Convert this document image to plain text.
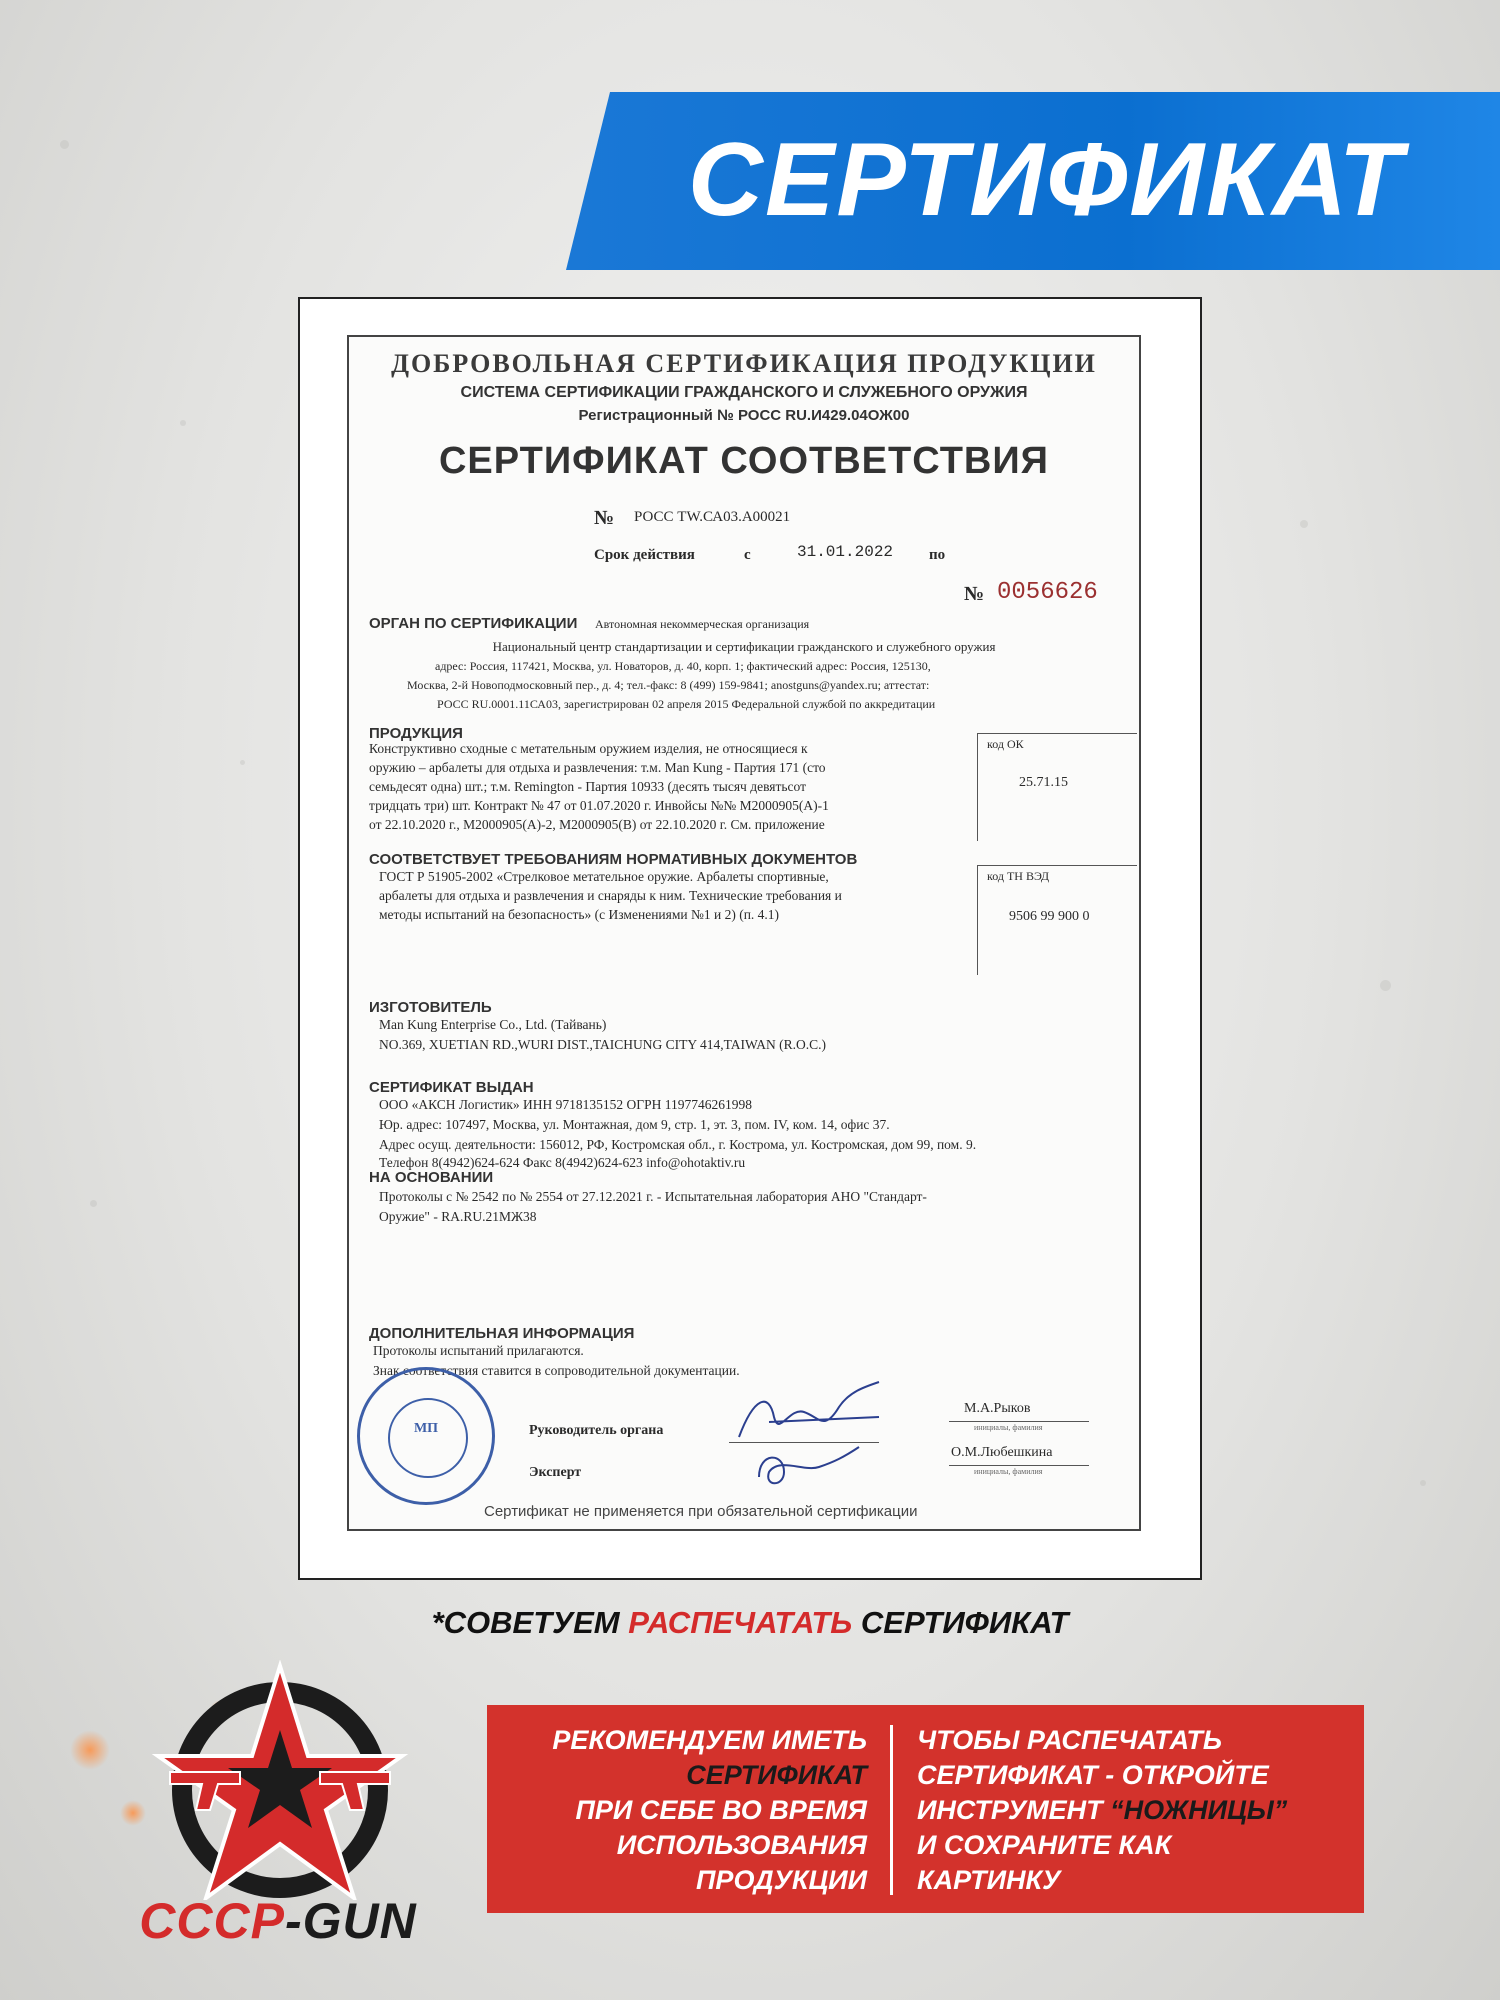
СЕРТИФИКАТ
ДОБРОВОЛЬНАЯ СЕРТИФИКАЦИЯ ПРОДУКЦИИ
СИСТЕМА СЕРТИФИКАЦИИ ГРАЖДАНСКОГО И СЛУЖЕБНОГО ОРУЖИЯ
Регистрационный № РОСС RU.И429.04ОЖ00
СЕРТИФИКАТ СООТВЕТСТВИЯ
№ РОСС TW.СА03.А00021
Срок действия	с	31.01.2022 по
№ 0056626
ОРГАН ПО СЕРТИФИКАЦИИ Автономная некоммерческая организация
Национальный центр стандартизации и сертификации гражданского и служебного оружия
адрес: Россия, 117421, Москва, ул. Новаторов, д. 40, корп. 1; фактический адрес: Россия, 125130,
Москва, 2-й Новоподмосковный пер., д. 4; тел.-факс: 8 (499) 159-9841; anostguns@yandex.ru; аттестат:
РОСС RU.0001.11СА03, зарегистрирован 02 апреля 2015 Федеральной службой по аккредитации
ПРОДУКЦИЯ
Конструктивно сходные с метательным оружием изделия, не относящиеся к
оружию – арбалеты для отдыха и развлечения: т.м. Man Kung - Партия 171 (сто
семьдесят одна) шт.; т.м. Remington - Партия 10933 (десять тысяч девятьсот
тридцать три) шт. Контракт № 47 от 01.07.2020 г. Инвойсы №№ M2000905(А)-1
от 22.10.2020 г., M2000905(А)-2, M2000905(В) от 22.10.2020 г. См. приложение
код ОК
25.71.15
СООТВЕТСТВУЕТ ТРЕБОВАНИЯМ НОРМАТИВНЫХ ДОКУМЕНТОВ
ГОСТ Р 51905-2002 «Стрелковое метательное оружие. Арбалеты спортивные,
арбалеты для отдыха и развлечения и снаряды к ним. Технические требования и
методы испытаний на безопасность» (с Изменениями №1 и 2) (п. 4.1)
код ТН ВЭД
9506 99 900 0
ИЗГОТОВИТЕЛЬ
Man Kung Enterprise Co., Ltd. (Тайвань)
NO.369, XUETIAN RD.,WURI DIST.,TAICHUNG CITY 414,TAIWAN (R.O.C.)
СЕРТИФИКАТ ВЫДАН
ООО «АКСН Логистик» ИНН 9718135152 ОГРН 1197746261998
Юр. адрес: 107497, Москва, ул. Монтажная, дом 9, стр. 1, эт. 3, пом. IV, ком. 14, офис 37.
Адрес осущ. деятельности: 156012, РФ, Костромская обл., г. Кострома, ул. Костромская, дом 99, пом. 9.
Телефон 8(4942)624-624 Факс 8(4942)624-623 info@ohotaktiv.ru
НА ОСНОВАНИИ
Протоколы с № 2542 по № 2554 от 27.12.2021 г. - Испытательная лаборатория АНО "Стандарт-
Оружие" - RA.RU.21МЖ38
ДОПОЛНИТЕЛЬНАЯ ИНФОРМАЦИЯ
Протоколы испытаний прилагаются.
Знак соответствия ставится в сопроводительной документации.
МП	Руководитель органа
М.А.Рыков
инициалы, фамилия
Эксперт
О.М.Любешкина
инициалы, фамилия
Сертификат не применяется при обязательной сертификации
*СОВЕТУЕМ РАСПЕЧАТАТЬ СЕРТИФИКАТ
CCCP-GUN
РЕКОМЕНДУЕМ ИМЕТЬ
СЕРТИФИКАТ
ПРИ СЕБЕ ВО ВРЕМЯ
ИСПОЛЬЗОВАНИЯ
ПРОДУКЦИИ
ЧТОБЫ РАСПЕЧАТАТЬ
СЕРТИФИКАТ - ОТКРОЙТЕ
ИНСТРУМЕНТ “НОЖНИЦЫ”
И СОХРАНИТЕ КАК
КАРТИНКУ
